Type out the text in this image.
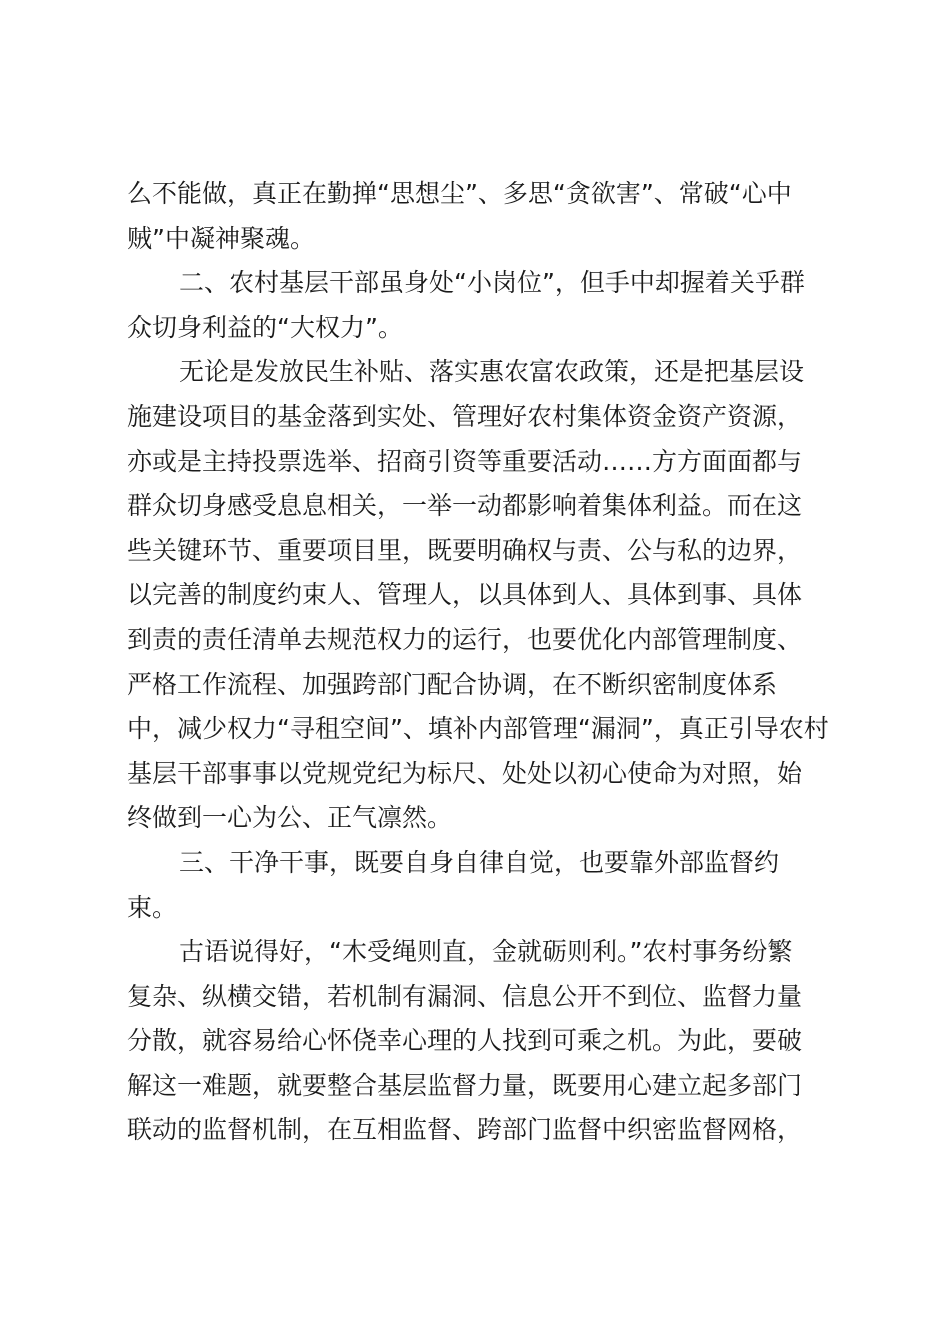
么不能做，真正在勤掸“思想尘”、多思“贪欲害”、常破“心中
贼”中凝神聚魂。
二、农村基层干部虽身处“小岗位”，但手中却握着关乎群
众切身利益的“大权力”。
无论是发放民生补贴、落实惠农富农政策，还是把基层设
施建设项目的基金落到实处、管理好农村集体资金资产资源，
亦或是主持投票选举、招商引资等重要活动……方方面面都与
群众切身感受息息相关，一举一动都影响着集体利益。而在这
些关键环节、重要项目里，既要明确权与责、公与私的边界，
以完善的制度约束人、管理人，以具体到人、具体到事、具体
到责的责任清单去规范权力的运行，也要优化内部管理制度、
严格工作流程、加强跨部门配合协调，在不断织密制度体系
中，减少权力“寻租空间”、填补内部管理“漏洞”，真正引导农村
基层干部事事以党规党纪为标尺、处处以初心使命为对照，始
终做到一心为公、正气凛然。
三、干净干事，既要自身自律自觉，也要靠外部监督约
束。
古语说得好，“木受绳则直，金就砺则利。”农村事务纷繁
复杂、纵横交错，若机制有漏洞、信息公开不到位、监督力量
分散，就容易给心怀侥幸心理的人找到可乘之机。为此，要破
解这一难题，就要整合基层监督力量，既要用心建立起多部门
联动的监督机制，在互相监督、跨部门监督中织密监督网格，
